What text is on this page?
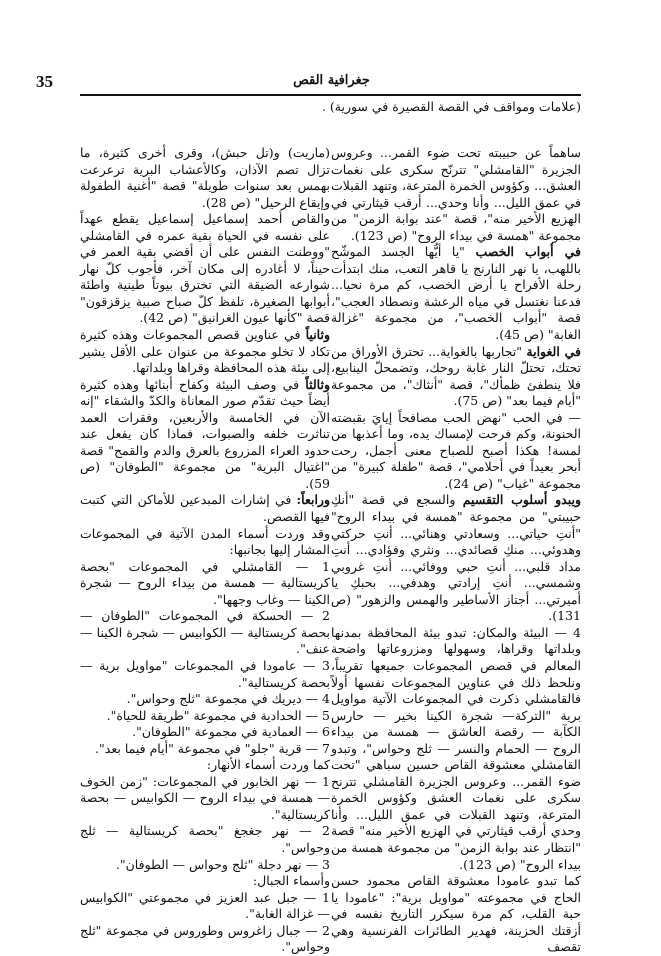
35	جغرافية القص
(علامات ومواقف في القصة القصيرة في سورية) .

ساهماً عن حبيبته تحت ضوء القمر... وعروس الجزيرة "القامشلي" تترنّح سكرى على نغمات العشق... وكؤوس الخمرة المترعة، وتنهد القبلات في عمق الليل... وأنا وحدي... أرقب قيثارتي في الهزيع الأخير منه"، قصة "عند بوابة الزمن" من مجموعة "همسة في بيداء الروح" (ص 123).

في أبواب الخصب "يا أيُّها الجسد الموشّح باللهب، يا نهر النارنج يا قاهر التعب، منك ابتدأت رحلة الأفراح يا أرض الخصب، كم مرة نحيا... فدعنا نغتسل في مياه الرعشة ونصطاد العجب"، قصة "أبواب الخصب"، من مجموعة "غزالة الغابة" (ص 45).

في الغواية "تجاربها بالغواية... تحترق الأوراق من تحتك، تحتلّ النار غابة روحك، وتضمحلّ الينابيع، فلا ينطفئ ظمأك"، قصة "أنثاك"، من مجموعة "أيام فيما بعد" (ص 75).

— في الحب "نهض الحب مصافحاً إيايَ بقبضته الحنونة، وكم فرحت لإمساك يده، وما أعذبها من لمسة! هكذا أصبح للصباح معنى أجمل، رحت أبحر بعيداً في أحلامي"، قصة "طفلة كبيرة" من مجموعة "غياب" (ص 24).

ويبدو أسلوب التقسيم والسجع في قصة "أنكِ حبيبتي" من مجموعة "همسة في بيداء الروح" "أنتِ حياتي... وسعادتي وهنائي... أنتِ حركتي وهدوئي... منكِ قصائدي... ونثري وفؤادي... أنتِ مداد قلبي... أنتِ حبي ووفائي... أنتِ غروبي وشمسي... أنتِ إرادتي وهدفي... بحبكِ يا أميرتي... أجتاز الأساطير والهمس والزهور" (ص 131).

4 — البيئة والمكان: تبدو بيئة المحافظة بمدنها وبلداتها وقراها، وسهولها ومزروعاتها واضحة المعالم في قصص المجموعات جميعها تقريباً، ونلحظ ذلك في عناوين المجموعات نفسها أولاً فالقامشلي ذكرت في المجموعات الآتية مواويل برية "التركة— شجرة الكينا بخير — حارس الكآبة — رقصة العاشق — همسة من بيداء الروح — الحمام والنسر — ثلج وحواس"، وتبدو القامشلي معشوقة القاص حسين سباهي "تحت ضوء القمر... وعروس الجزيرة القامشلي تترنح سكرى على نغمات العشق وكؤوس الخمرة المترعة، وتنهد القبلات في عمق الليل... وأنا وحدي أرقب قيثارتي في الهزيع الأخير منه" قصة "انتظار عند بوابة الزمن" من مجموعة همسة من بيداء الروح" (ص 123).

كما تبدو عامودا معشوقة القاص محمود حسن الحاج في مجموعته "مواويل برية": "عامودا يا حبة القلب، كم مرة سيكرر التاريخ نفسه في أزقتك الحزينة، فهدير الطائرات الفرنسية وهي تقصف

(ماريت) و(تل حبش)، وقرى أخرى كثيرة، ما تزال تصم الآذان، وكالأعشاب البرية ترعرعت بهمس بعد سنوات طويلة" قصة "أغنية الطفولة وإيقاع الرحيل" (ص 28).

والقاص أحمد إسماعيل إسماعيل يقطع عهداً على نفسه في الحياة بقية عمره في القامشلي "ووطنت النفس على أن أقضي بقية العمر في حيناً، لا أغادره إلى مكان آخر، فأجوب كلّ نهار شوارعه الضيقة التي تخترق بيوتاً طينية واطئة أبوابها الصغيرة، تلفظ كلّ صباح صبية يزقزقون" قصة "كأنها عيون الغرانيق" (ص 42).

وثانياً في عناوين قصص المجموعات وهذه كثيرة تكاد لا تخلو مجموعة من عنوان على الأقل يشير إلى بيئة هذه المحافظة وقراها وبلداتها.

وثالثاً في وصف البيئة وكفاح أبنائها وهذه كثيرة أيضاً حيث تقدّم صور المعاناة والكدّ والشقاء "إنه الآن في الخامسة والأربعين، وفقرات العمد تناثرت خلفه والصبوات، فماذا كان يفعل عند حدود العراء المزروع بالعرق والدم والقمح" قصة "اغتيال البرية" من مجموعة "الطوفان" (ص 59).

ورابعاً: في إشارات المبدعين للأماكن التي كتبت فيها القصص.

وقد وردت أسماء المدن الآتية في المجموعات المشار إليها بجانبها:

1 — القامشلي في المجموعات "بحصة كريستالية — همسة من بيداء الروح — شجرة الكينا — وغاب وجهها".

2 — الحسكة في المجموعات "الطوفان — بحصة كريستالية — الكوابيس — شجرة الكينا — عنف".

3 — عامودا في المجموعات "مواويل برية — بحصة كريستالية".

4 — ديريك في مجموعة "ثلج وحواس".

5 — الحدادية في مجموعة "طريقة للحياة".

6 — العمادية في مجموعة "الطوفان".

7 — قرية "جلو" في مجموعة "أيام فيما بعد".

كما وردت أسماء الأنهار:

1 — نهر الخابور في المجموعات: "زمن الخوف — همسة في بيداء الروح — الكوابيس — بحصة كريستالية".

2 — نهر جغجغ "بحصة كريستالية — ثلج وحواس".

3 — نهر دجلة "ثلج وحواس — الطوفان".

وأسماء الجبال:

1 — جبل عبد العزيز في مجموعتي "الكوابيس — غزالة الغابة".

2 — جبال زاغروس وطوروس في مجموعة "ثلج وحواس".
